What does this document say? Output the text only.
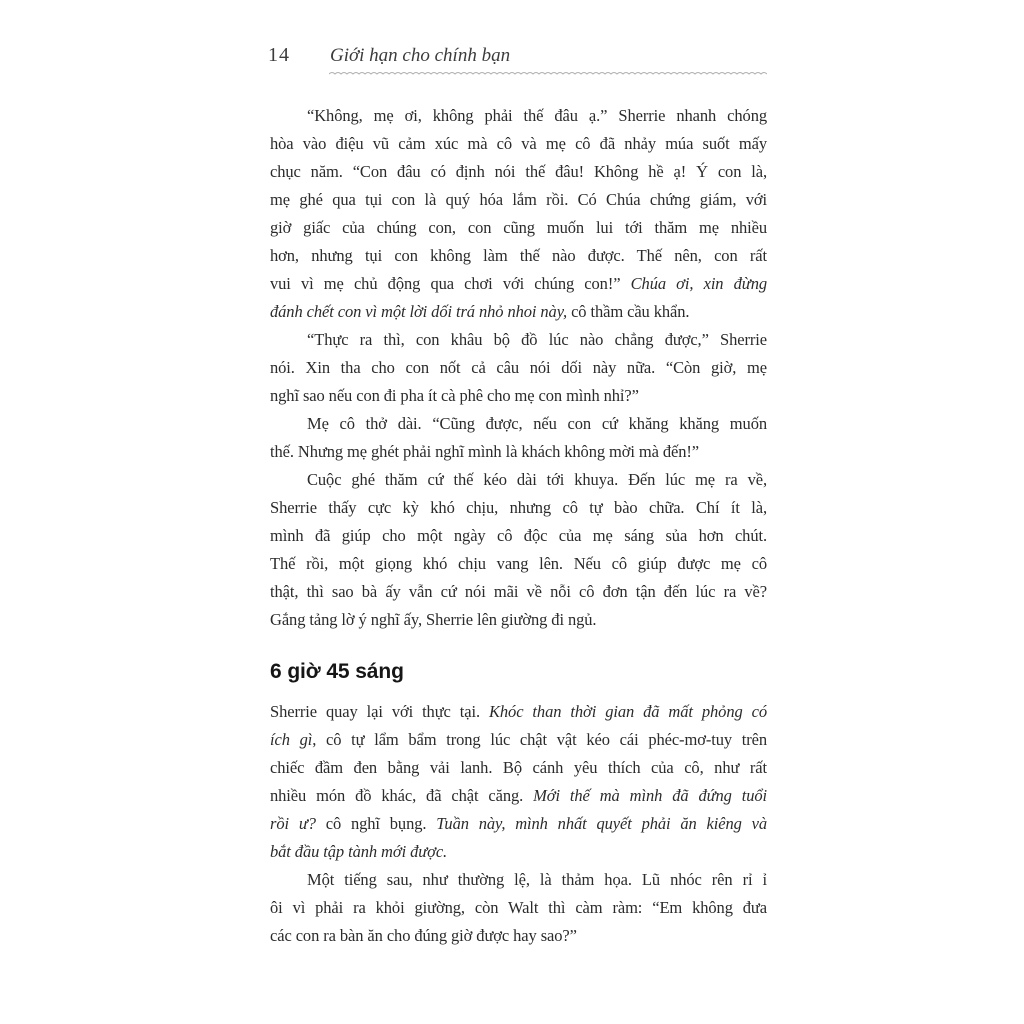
14 Giới hạn cho chính bạn
“Không, mẹ ơi, không phải thế đâu ạ.” Sherrie nhanh chóng
hòa vào điệu vũ cảm xúc mà cô và mẹ cô đã nhảy múa suốt mấy
chục năm. “Con đâu có định nói thế đâu! Không hề ạ! Ý con là,
mẹ ghé qua tụi con là quý hóa lắm rồi. Có Chúa chứng giám, với
giờ giấc của chúng con, con cũng muốn lui tới thăm mẹ nhiều
hơn, nhưng tụi con không làm thế nào được. Thế nên, con rất
vui vì mẹ chủ động qua chơi với chúng con!” Chúa ơi, xin đừng
đánh chết con vì một lời dối trá nhỏ nhoi này, cô thầm cầu khẩn.
“Thực ra thì, con khâu bộ đồ lúc nào chẳng được,” Sherrie
nói. Xin tha cho con nốt cả câu nói dối này nữa. “Còn giờ, mẹ
nghĩ sao nếu con đi pha ít cà phê cho mẹ con mình nhỉ?”
Mẹ cô thở dài. “Cũng được, nếu con cứ khăng khăng muốn
thế. Nhưng mẹ ghét phải nghĩ mình là khách không mời mà đến!”
Cuộc ghé thăm cứ thế kéo dài tới khuya. Đến lúc mẹ ra về,
Sherrie thấy cực kỳ khó chịu, nhưng cô tự bào chữa. Chí ít là,
mình đã giúp cho một ngày cô độc của mẹ sáng sủa hơn chút.
Thế rồi, một giọng khó chịu vang lên. Nếu cô giúp được mẹ cô
thật, thì sao bà ấy vẫn cứ nói mãi về nỗi cô đơn tận đến lúc ra về?
Gắng tảng lờ ý nghĩ ấy, Sherrie lên giường đi ngủ.
6 giờ 45 sáng
Sherrie quay lại với thực tại. Khóc than thời gian đã mất phỏng có
ích gì, cô tự lẩm bẩm trong lúc chật vật kéo cái phéc-mơ-tuy trên
chiếc đầm đen bằng vải lanh. Bộ cánh yêu thích của cô, như rất
nhiều món đồ khác, đã chật căng. Mới thế mà mình đã đứng tuổi
rồi ư? cô nghĩ bụng. Tuần này, mình nhất quyết phải ăn kiêng và
bắt đầu tập tành mới được.
Một tiếng sau, như thường lệ, là thảm họa. Lũ nhóc rên rỉ ỉ
ôi vì phải ra khỏi giường, còn Walt thì càm ràm: “Em không đưa
các con ra bàn ăn cho đúng giờ được hay sao?”
